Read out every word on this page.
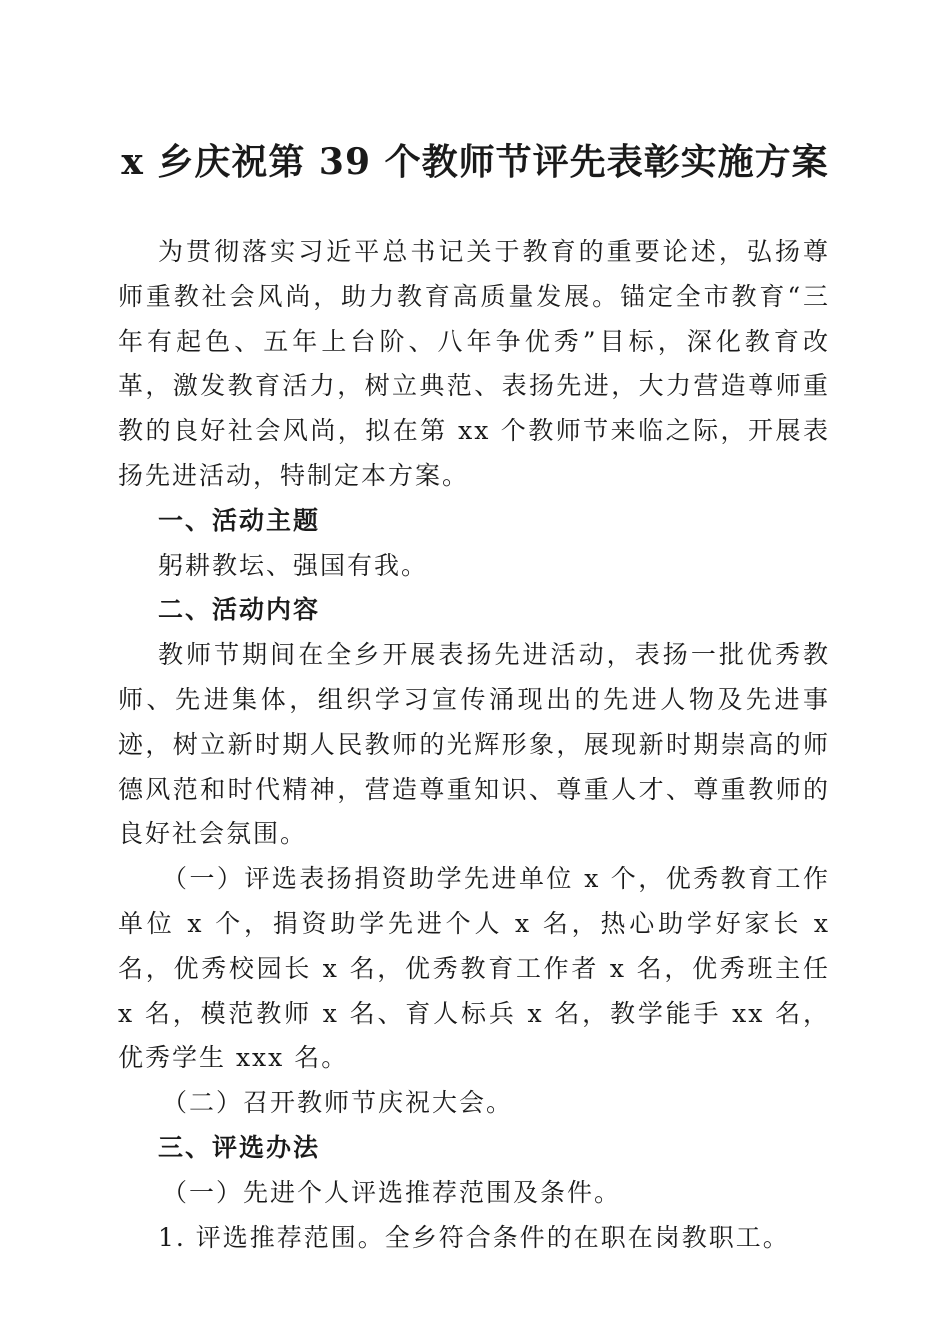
x 乡庆祝第 39 个教师节评先表彰实施方案

为贯彻落实习近平总书记关于教育的重要论述，弘扬尊师重教社会风尚，助力教育高质量发展。锚定全市教育“三年有起色、五年上台阶、八年争优秀”目标，深化教育改革，激发教育活力，树立典范、表扬先进，大力营造尊师重教的良好社会风尚，拟在第 xx 个教师节来临之际，开展表扬先进活动，特制定本方案。

一、活动主题

躬耕教坛、强国有我。

二、活动内容

教师节期间在全乡开展表扬先进活动，表扬一批优秀教师、先进集体，组织学习宣传涌现出的先进人物及先进事迹，树立新时期人民教师的光辉形象，展现新时期崇高的师德风范和时代精神，营造尊重知识、尊重人才、尊重教师的良好社会氛围。

（一）评选表扬捐资助学先进单位 x 个，优秀教育工作单位 x 个，捐资助学先进个人 x 名，热心助学好家长 x 名，优秀校园长 x 名，优秀教育工作者 x 名，优秀班主任 x 名，模范教师 x 名、育人标兵 x 名，教学能手 xx 名，优秀学生 xxx 名。

（二）召开教师节庆祝大会。

三、评选办法

（一）先进个人评选推荐范围及条件。

1. 评选推荐范围。全乡符合条件的在职在岗教职工。
